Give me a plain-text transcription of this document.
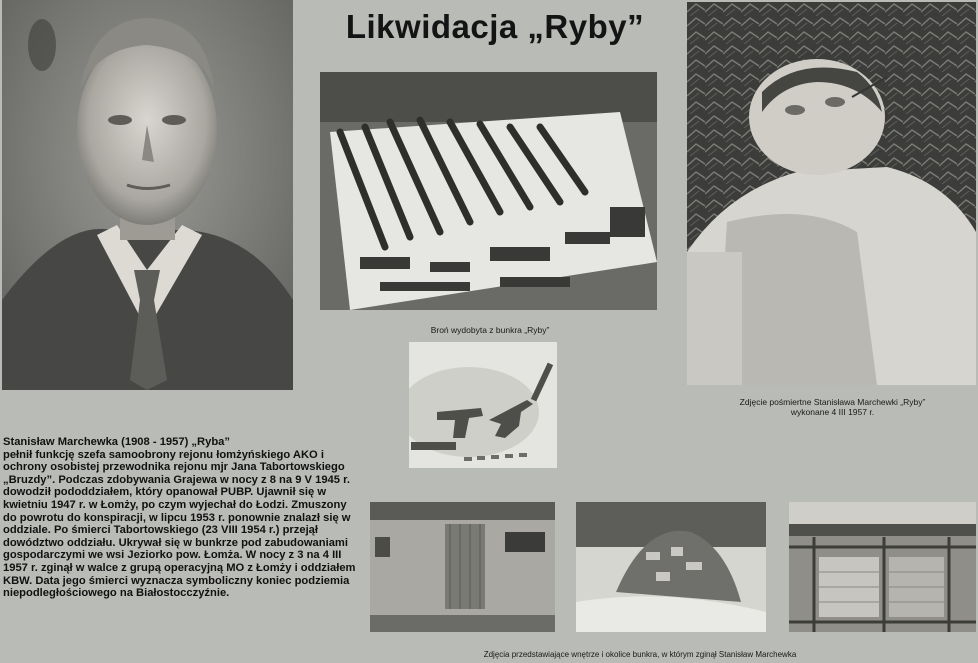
Likwidacja „Ryby”
Broń wydobyta z bunkra „Ryby”
Zdjęcie pośmiertne Stanisława Marchewki „Ryby”
wykonane 4 III 1957 r.
Stanisław Marchewka (1908 - 1957) „Ryba”
pełnił funkcję szefa samoobrony rejonu łomżyńskiego AKO i ochrony osobistej przewodnika rejonu mjr Jana Tabortowskiego „Bruzdy”. Podczas zdobywania Grajewa w nocy z 8 na 9 V 1945 r. dowodził pododdziałem, który opanował PUBP. Ujawnił się w kwietniu 1947 r. w Łomży, po czym wyjechał do Łodzi. Zmuszony do powrotu do konspiracji, w lipcu 1953 r. ponownie znalazł się w oddziale. Po śmierci Tabortowskiego (23 VIII 1954 r.) przejął dowództwo oddziału. Ukrywał się w bunkrze pod zabudowaniami gospodarczymi we wsi Jeziorko pow. Łomża. W nocy z 3 na 4 III 1957 r. zginął w walce z grupą operacyjną MO z Łomży i oddziałem KBW. Data jego śmierci wyznacza symboliczny koniec podziemia niepodległościowego na Białostocczyźnie.
Zdjęcia przedstawiające wnętrze i okolice bunkra, w którym zginął Stanisław Marchewka
